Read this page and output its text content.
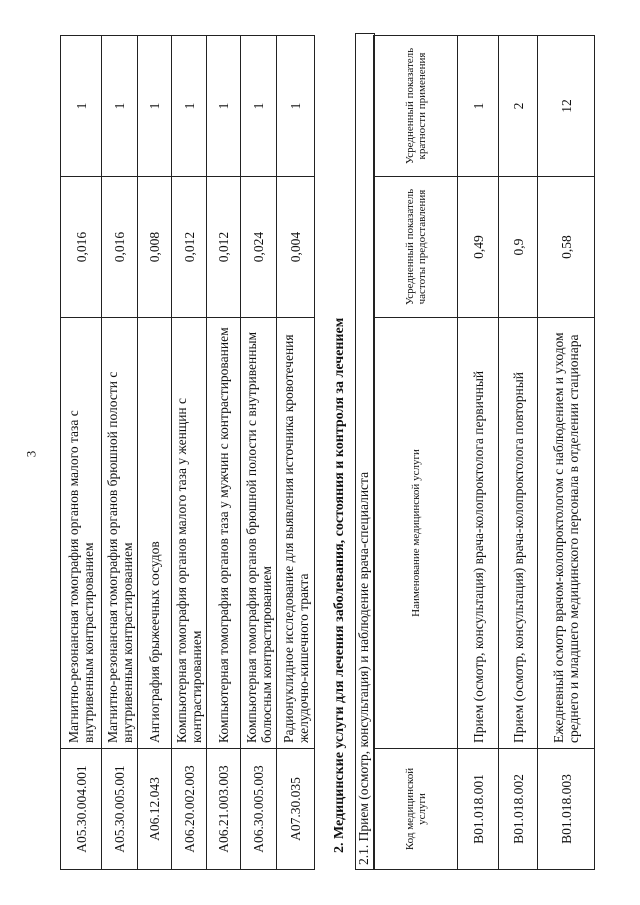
3
A05.30.004.001	Магнитно-резонансная томография органов малого таза с внутривенным контрастированием	0,016	1
A05.30.005.001	Магнитно-резонансная томография органов брюшной полости с внутривенным контрастированием	0,016	1
A06.12.043	Ангиография брыжеечных сосудов	0,008	1
A06.20.002.003	Компьютерная томография органов малого таза у женщин с контрастированием	0,012	1
A06.21.003.003	Компьютерная томография органов таза у мужчин с контрастированием	0,012	1
A06.30.005.003	Компьютерная томография органов брюшной полости с внутривенным болюсным контрастированием	0,024	1
A07.30.035	Радионуклидное исследование для выявления источника кровотечения желудочно-кишечного тракта	0,004	1
2. Медицинские услуги для лечения заболевания, состояния и контроля за лечением 2.1. Прием (осмотр, консультация) и наблюдение врача-специалиста	Код медицинской услуги	Наименование медицинской услуги	Усредненный показатель частоты предоставления	Усредненный показатель кратности применения
B01.018.001	Прием (осмотр, консультация) врача-колопроктолога первичный	0,49	1
B01.018.002	Прием (осмотр, консультация) врача-колопроктолога повторный	0,9	2
B01.018.003	Ежедневный осмотр врачом-колопроктологом с наблюдением и уходом среднего и младшего медицинского персонала в отделении стационара	0,58	12
